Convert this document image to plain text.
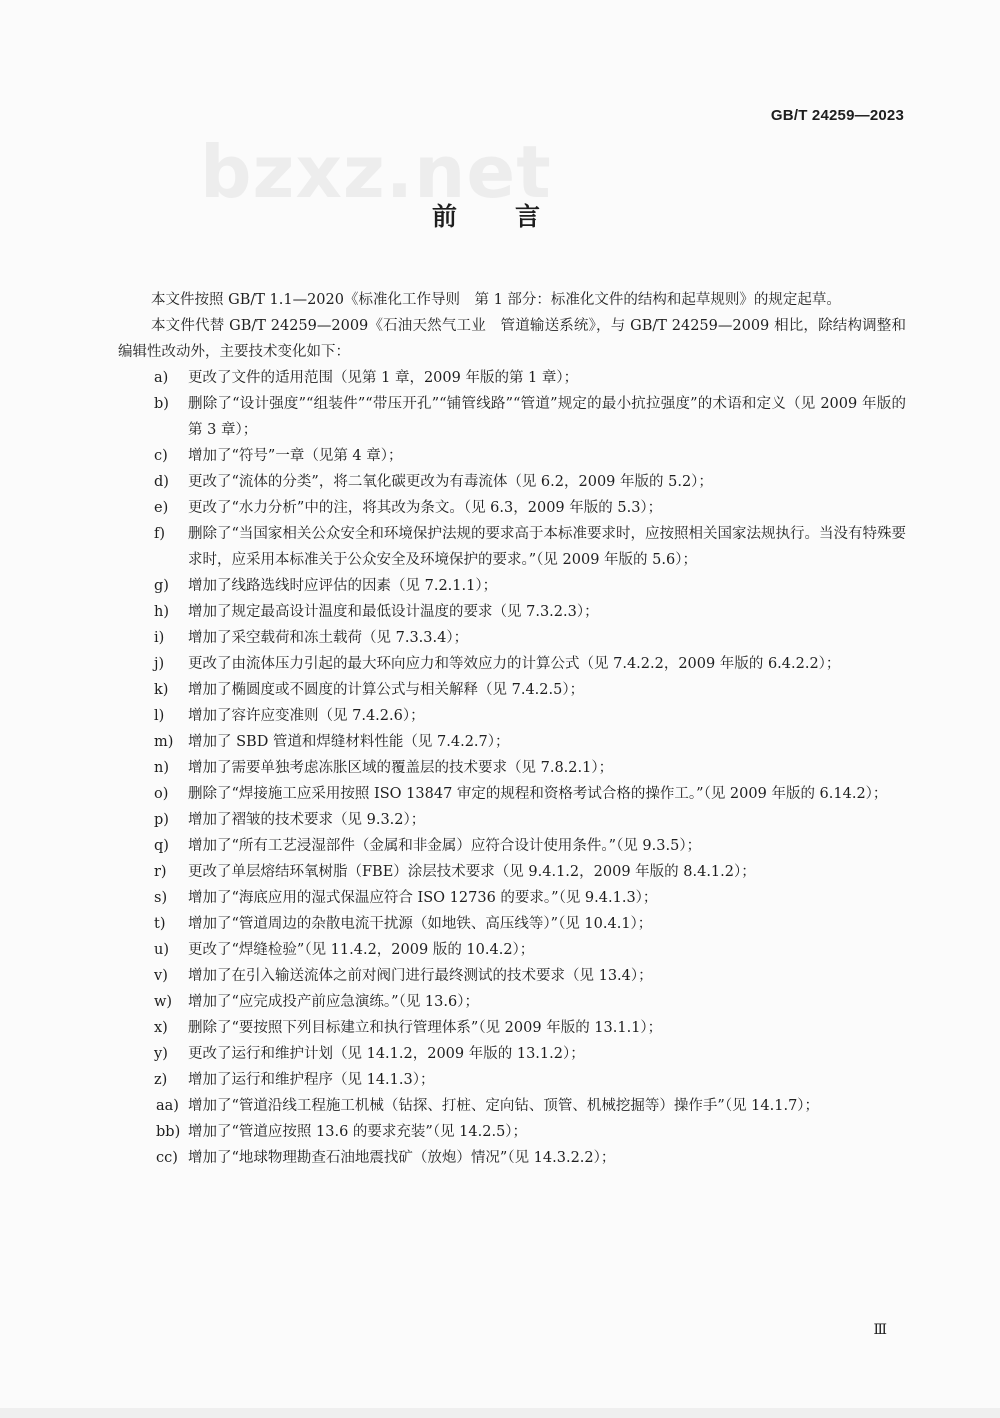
GB/T 24259—2023
bzxz.net
前言

本文件按照 GB/T 1.1—2020《标准化工作导则　第 1 部分：标准化文件的结构和起草规则》的规定起草。

本文件代替 GB/T 24259—2009《石油天然气工业　管道输送系统》，与 GB/T 24259—2009 相比，除结构调整和编辑性改动外，主要技术变化如下：

a)	更改了文件的适用范围（见第 1 章，2009 年版的第 1 章）；
b)	删除了“设计强度”“组装件”“带压开孔”“铺管线路”“管道”规定的最小抗拉强度”的术语和定义（见 2009 年版的第 3 章）；
c)	增加了“符号”一章（见第 4 章）；
d)	更改了“流体的分类”，将二氧化碳更改为有毒流体（见 6.2，2009 年版的 5.2）；
e)	更改了“水力分析”中的注，将其改为条文。（见 6.3，2009 年版的 5.3）；
f)	删除了“当国家相关公众安全和环境保护法规的要求高于本标准要求时，应按照相关国家法规执行。当没有特殊要求时，应采用本标准关于公众安全及环境保护的要求。”（见 2009 年版的 5.6）；
g)	增加了线路选线时应评估的因素（见 7.2.1.1）；
h)	增加了规定最高设计温度和最低设计温度的要求（见 7.3.2.3）；
i)	增加了采空载荷和冻土载荷（见 7.3.3.4）；
j)	更改了由流体压力引起的最大环向应力和等效应力的计算公式（见 7.4.2.2，2009 年版的 6.4.2.2）；
k)	增加了椭圆度或不圆度的计算公式与相关解释（见 7.4.2.5）；
l)	增加了容许应变准则（见 7.4.2.6）；
m)	增加了 SBD 管道和焊缝材料性能（见 7.4.2.7）；
n)	增加了需要单独考虑冻胀区域的覆盖层的技术要求（见 7.8.2.1）；
o)	删除了“焊接施工应采用按照 ISO 13847 审定的规程和资格考试合格的操作工。”（见 2009 年版的 6.14.2）；
p)	增加了褶皱的技术要求（见 9.3.2）；
q)	增加了“所有工艺浸湿部件（金属和非金属）应符合设计使用条件。”（见 9.3.5）；
r)	更改了单层熔结环氧树脂（FBE）涂层技术要求（见 9.4.1.2，2009 年版的 8.4.1.2）；
s)	增加了“海底应用的湿式保温应符合 ISO 12736 的要求。”（见 9.4.1.3）；
t)	增加了“管道周边的杂散电流干扰源（如地铁、高压线等）”（见 10.4.1）；
u)	更改了“焊缝检验”（见 11.4.2，2009 版的 10.4.2）；
v)	增加了在引入输送流体之前对阀门进行最终测试的技术要求（见 13.4）；
w)	增加了“应完成投产前应急演练。”（见 13.6）；
x)	删除了“要按照下列目标建立和执行管理体系”（见 2009 年版的 13.1.1）；
y)	更改了运行和维护计划（见 14.1.2，2009 年版的 13.1.2）；
z)	增加了运行和维护程序（见 14.1.3）；
aa) 增加了“管道沿线工程施工机械（钻探、打桩、定向钻、顶管、机械挖掘等）操作手”（见 14.1.7）；
bb) 增加了“管道应按照 13.6 的要求充装”（见 14.2.5）；
cc) 增加了“地球物理勘查石油地震找矿（放炮）情况”（见 14.3.2.2）；
Ⅲ
